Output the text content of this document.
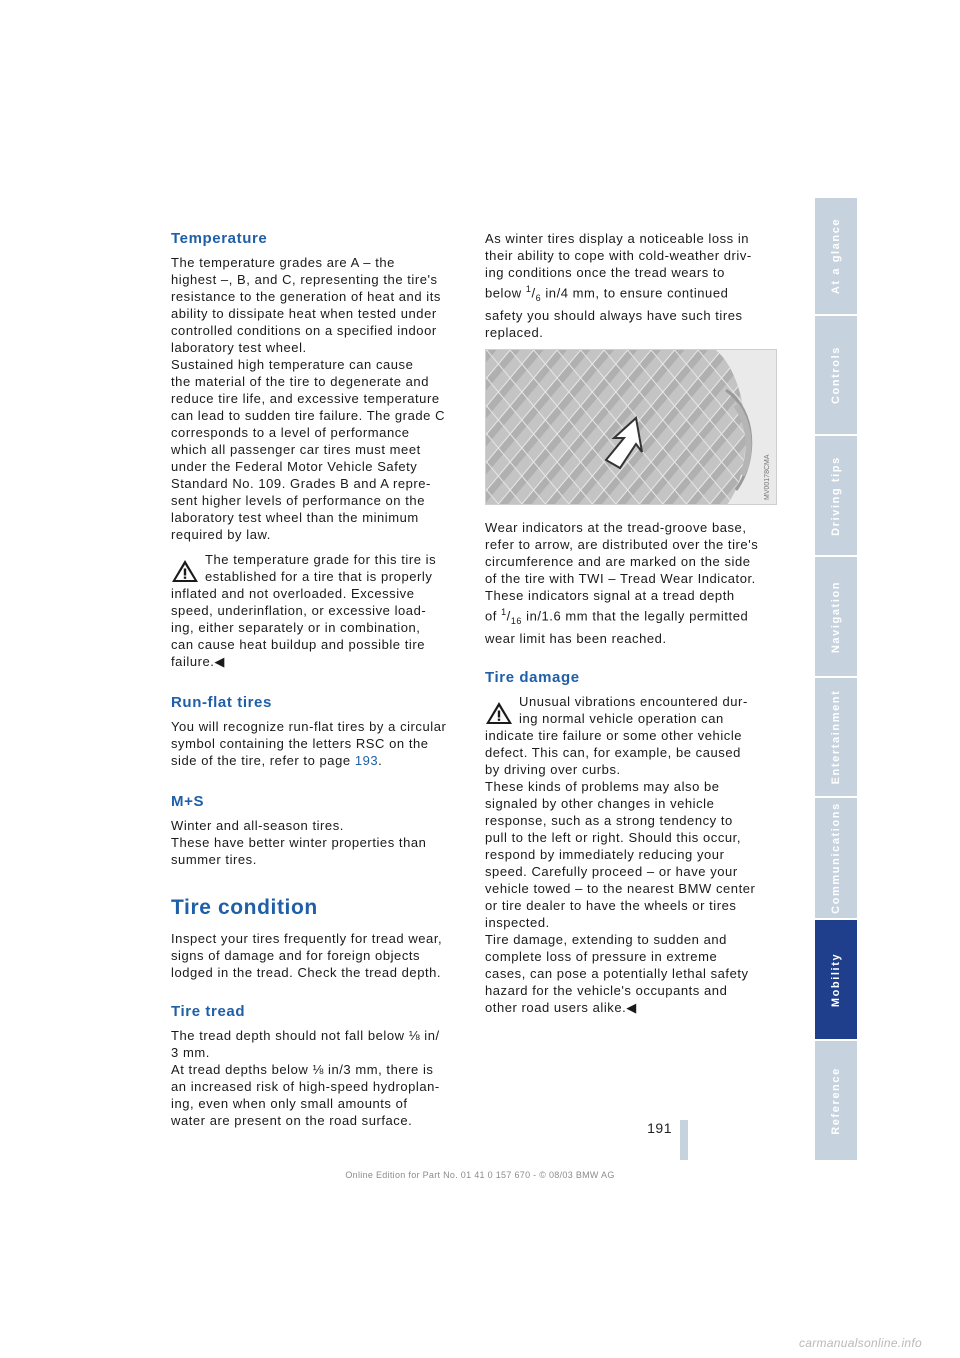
Temperature
The temperature grades are A – the
highest –, B, and C, representing the tire's
resistance to the generation of heat and its
ability to dissipate heat when tested under
controlled conditions on a specified indoor
laboratory test wheel.
Sustained high temperature can cause
the material of the tire to degenerate and
reduce tire life, and excessive temperature
can lead to sudden tire failure. The grade C
corresponds to a level of performance
which all passenger car tires must meet
under the Federal Motor Vehicle Safety
Standard No. 109. Grades B and A repre-
sent higher levels of performance on the
laboratory test wheel than the minimum
required by law.
The temperature grade for this tire is
established for a tire that is properly
inflated and not overloaded. Excessive
speed, underinflation, or excessive load-
ing, either separately or in combination,
can cause heat buildup and possible tire
failure.◀
Run-flat tires
You will recognize run-flat tires by a circular
symbol containing the letters RSC on the
side of the tire, refer to page 193.
M+S
Winter and all-season tires.
These have better winter properties than
summer tires.
Tire condition
Inspect your tires frequently for tread wear,
signs of damage and for foreign objects
lodged in the tread. Check the tread depth.
Tire tread
The tread depth should not fall below ⅛ in/
3 mm.
At tread depths below ⅛ in/3 mm, there is
an increased risk of high-speed hydroplan-
ing, even when only small amounts of
water are present on the road surface.
As winter tires display a noticeable loss in
their ability to cope with cold-weather driv-
ing conditions once the tread wears to
below $^1/_6$ in/4 mm, to ensure continued
safety you should always have such tires
replaced.
MV00178CMA
Wear indicators at the tread-groove base,
refer to arrow, are distributed over the tire's
circumference and are marked on the side
of the tire with TWI – Tread Wear Indicator.
These indicators signal at a tread depth
of $^1/_{16}$ in/1.6 mm that the legally permitted
wear limit has been reached.
Tire damage
Unusual vibrations encountered dur-
ing normal vehicle operation can
indicate tire failure or some other vehicle
defect. This can, for example, be caused
by driving over curbs.
These kinds of problems may also be
signaled by other changes in vehicle
response, such as a strong tendency to
pull to the left or right. Should this occur,
respond by immediately reducing your
speed. Carefully proceed – or have your
vehicle towed – to the nearest BMW center
or tire dealer to have the wheels or tires
inspected.
Tire damage, extending to sudden and
complete loss of pressure in extreme
cases, can pose a potentially lethal safety
hazard for the vehicle's occupants and
other road users alike.◀
At a glance
Controls
Driving tips
Navigation
Entertainment
Communications
Mobility
Reference
191
Online Edition for Part No. 01 41 0 157 670 - © 08/03 BMW AG
carmanualsonline.info
